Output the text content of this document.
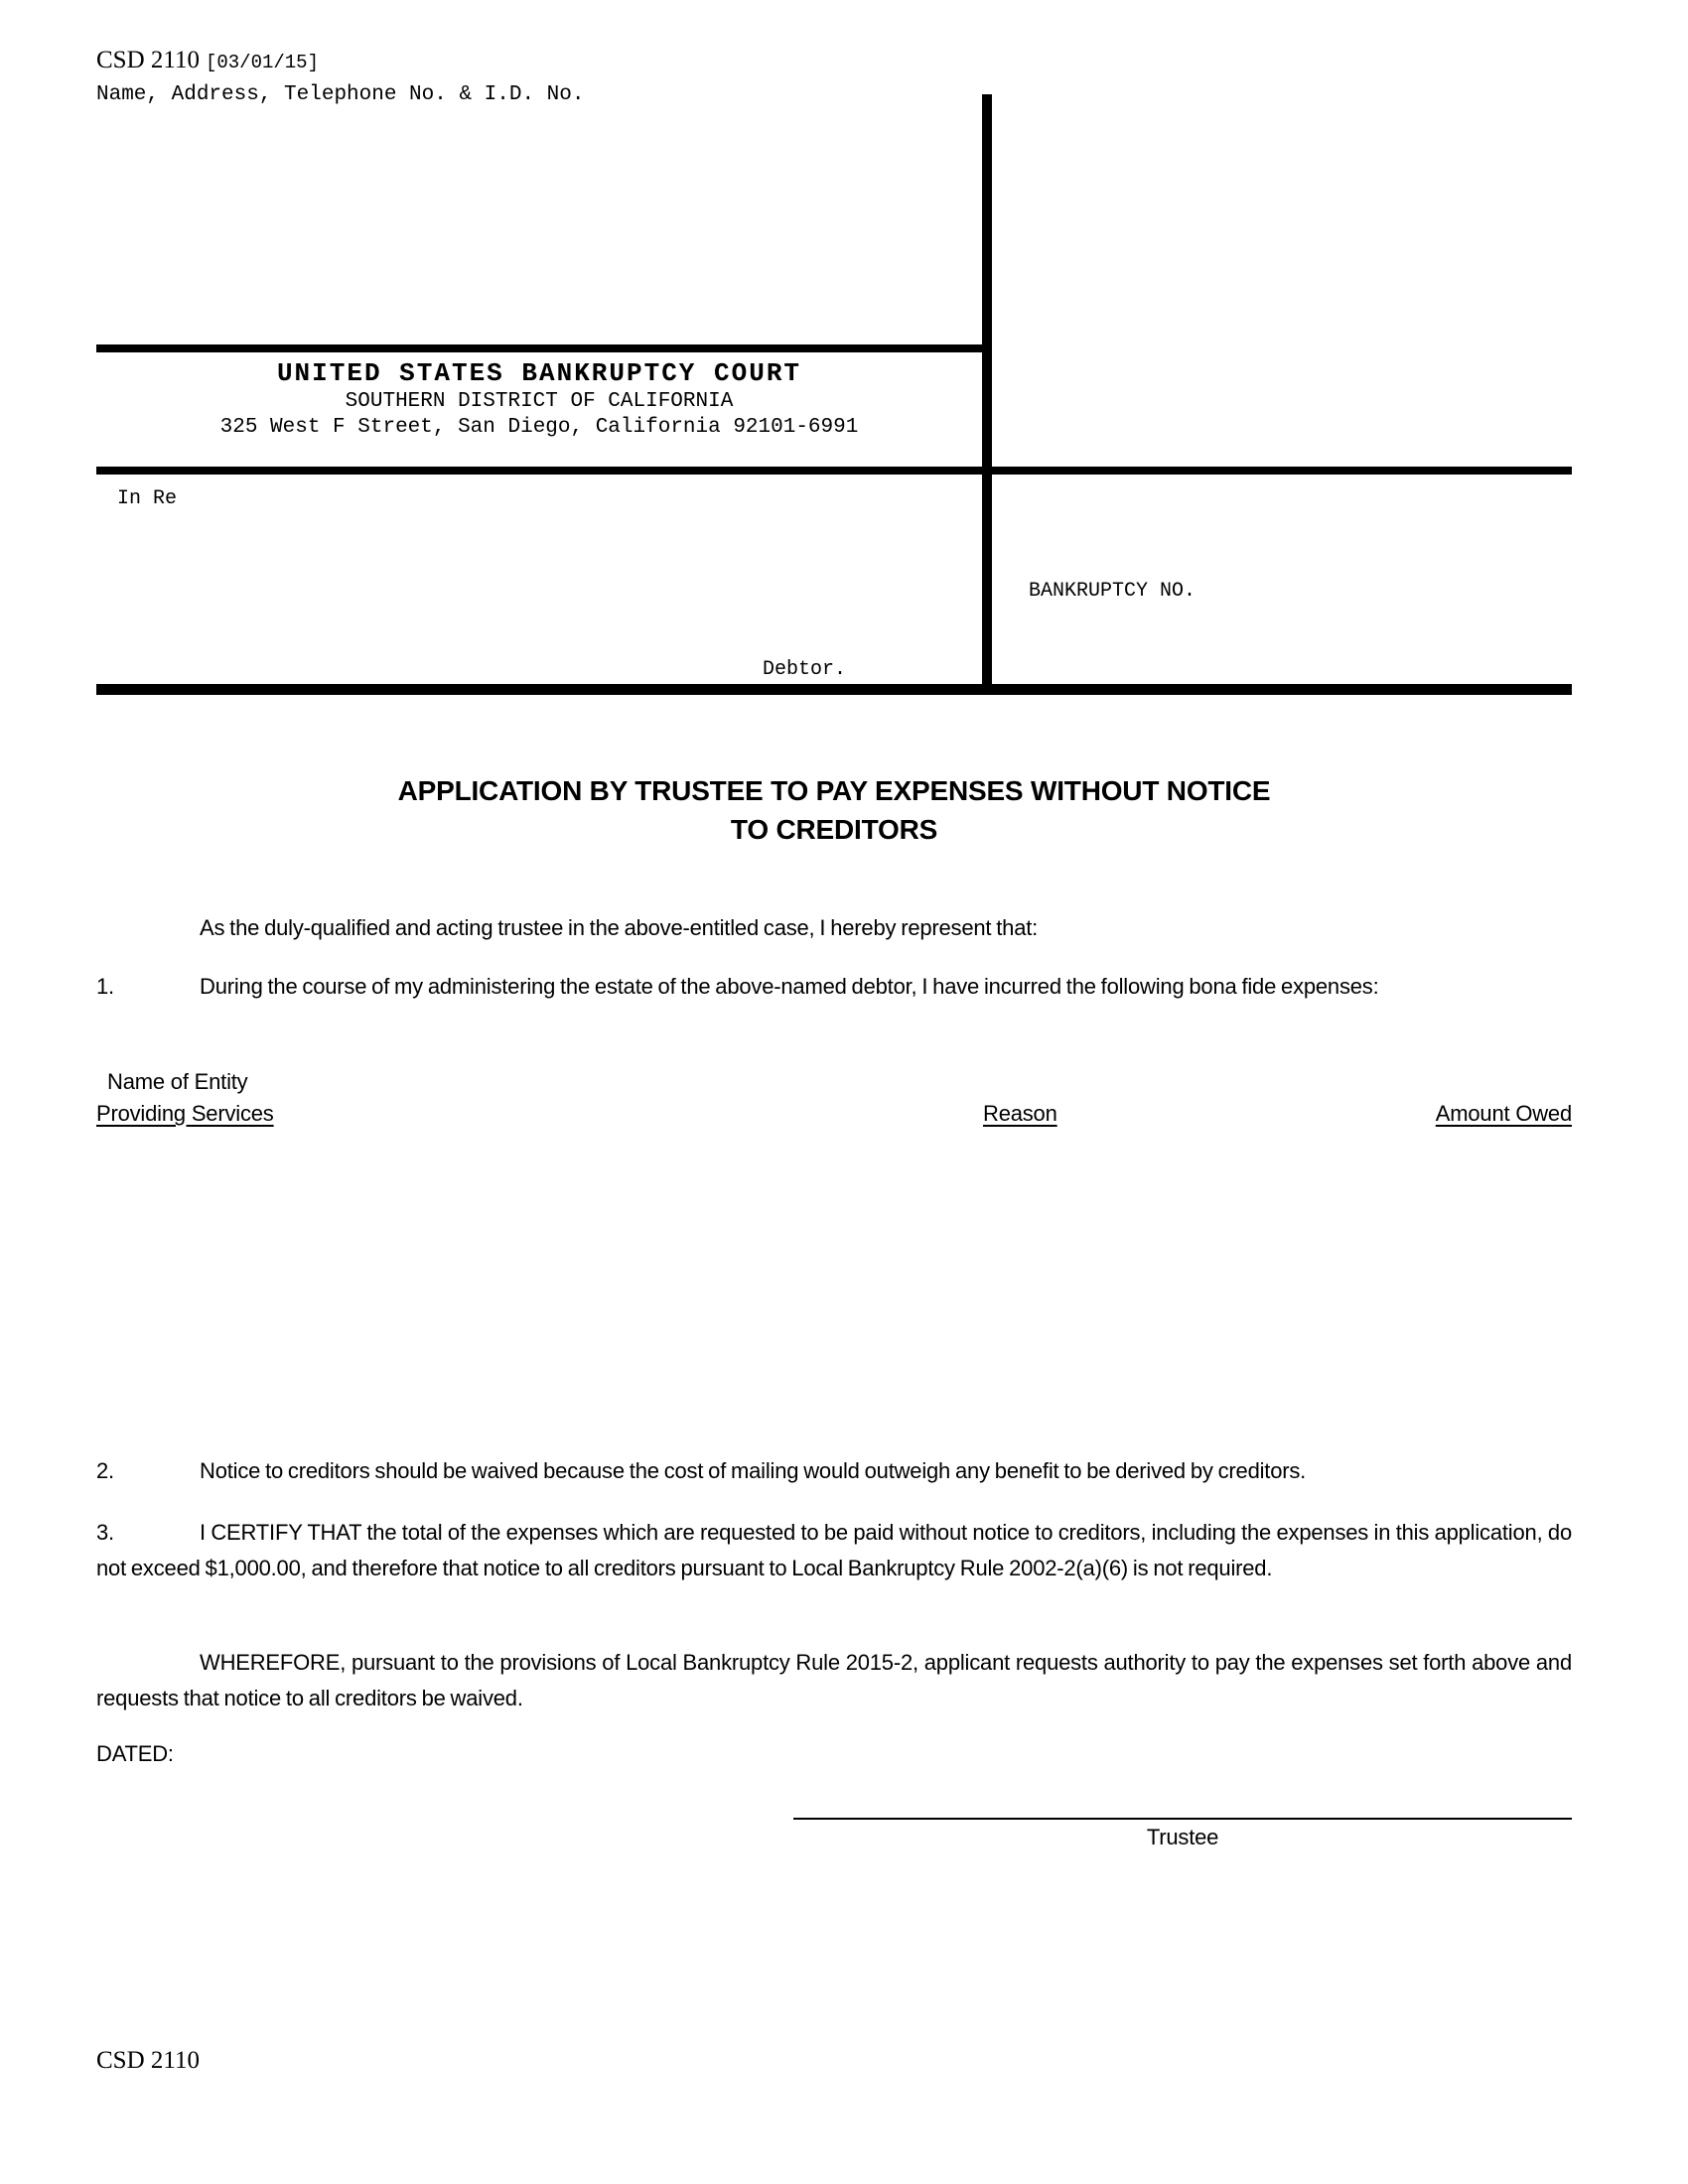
CSD 2110 [03/01/15]
Name, Address, Telephone No. & I.D. No.
UNITED STATES BANKRUPTCY COURT
SOUTHERN DISTRICT OF CALIFORNIA
325 West F Street, San Diego, California 92101-6991
In Re
BANKRUPTCY NO.
Debtor.
APPLICATION BY TRUSTEE TO PAY EXPENSES WITHOUT NOTICE
TO CREDITORS

As the duly-qualified and acting trustee in the above-entitled case, I hereby represent that:

1.	During the course of my administering the estate of the above-named debtor, I have incurred the following bona fide expenses:

Name of Entity
Providing Services	Reason	Amount Owed

2.	Notice to creditors should be waived because the cost of mailing would outweigh any benefit to be derived by creditors.

3.	I CERTIFY THAT the total of the expenses which are requested to be paid without notice to creditors, including the expenses in this application, do not exceed $1,000.00, and therefore that notice to all creditors pursuant to Local Bankruptcy Rule 2002-2(a)(6) is not required.

WHEREFORE, pursuant to the provisions of Local Bankruptcy Rule 2015-2, applicant requests authority to pay the expenses set forth above and requests that notice to all creditors be waived.

DATED:
Trustee
CSD 2110
